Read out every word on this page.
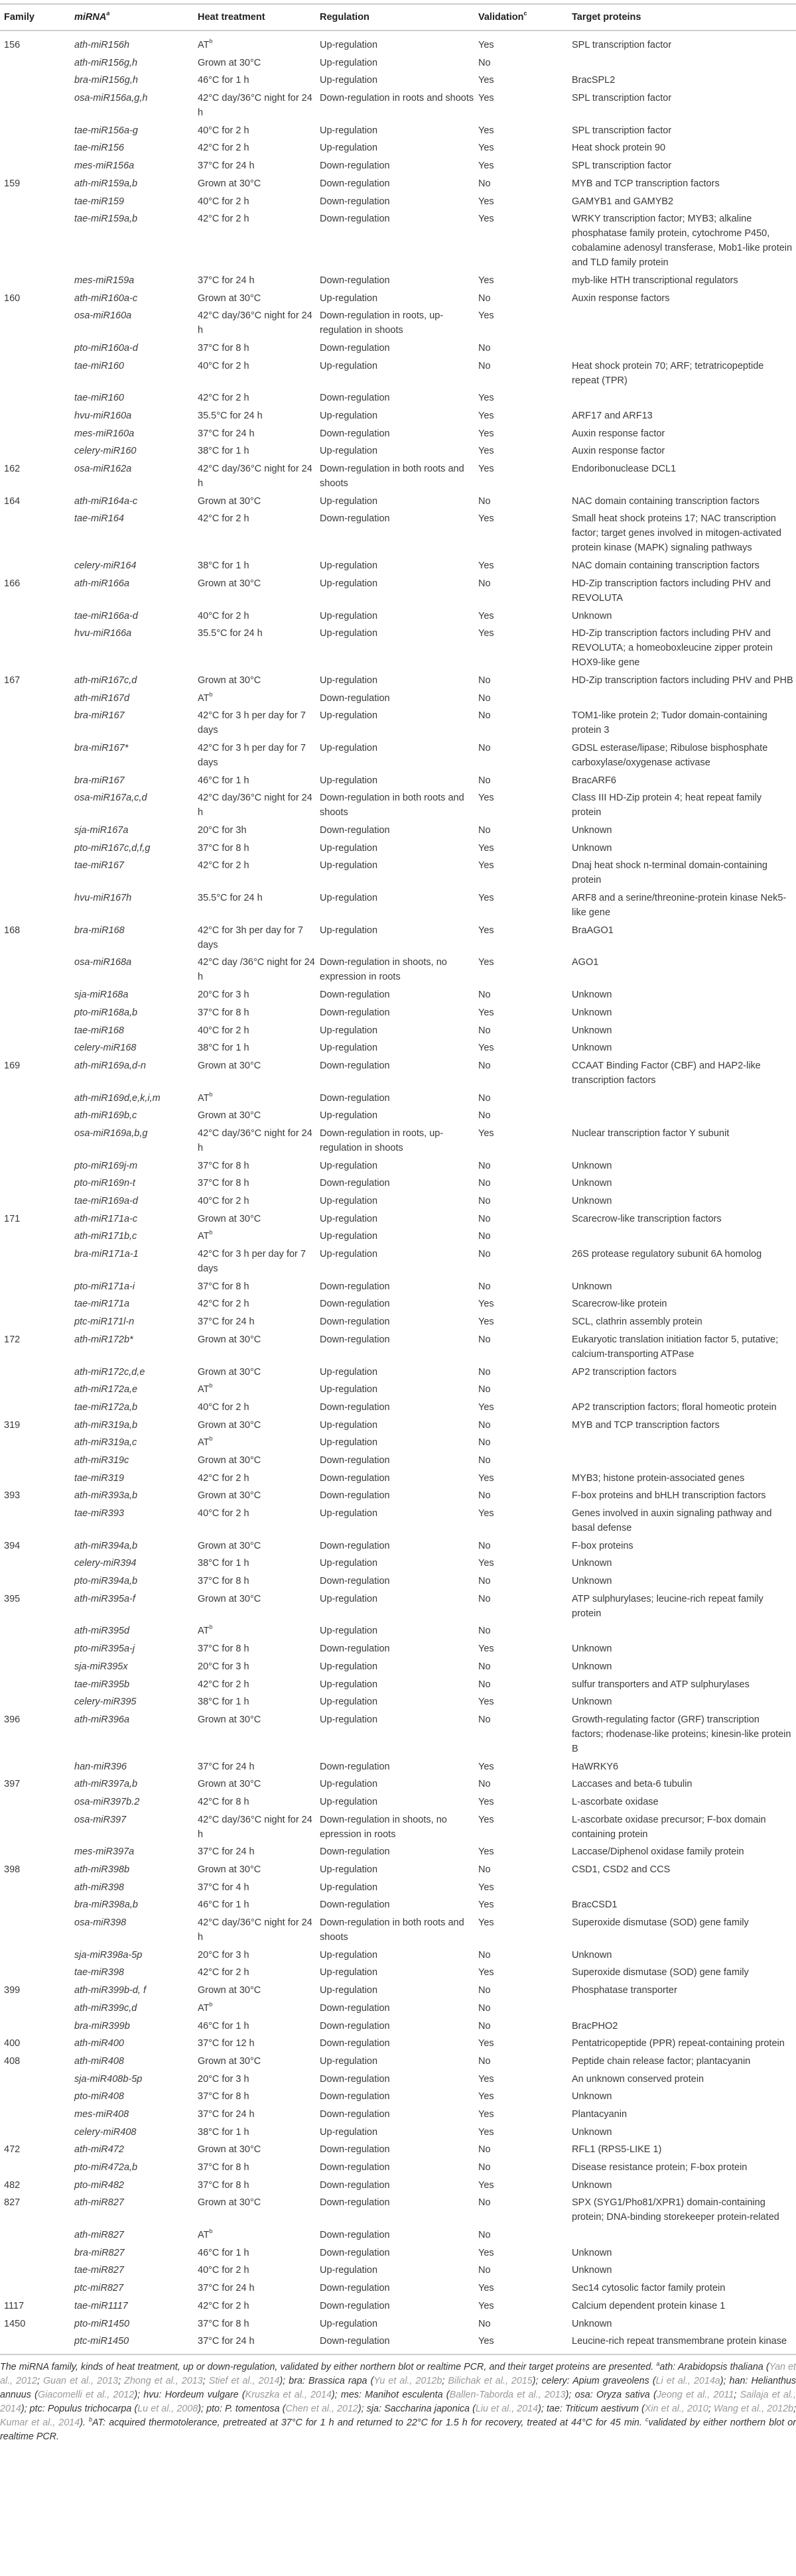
Family	miRNA$^a$	Heat treatment	Regulation	Validation$^c$	Target proteins
156	ath-miR156h	$AT^b$	Up-regulation	Yes	SPL transcription factor
	ath-miR156g,h	Grown at 30°C	Up-regulation	No	
	bra-miR156g,h	46°C for 1 h	Up-regulation	Yes	BracSPL2
	osa-miR156a,g,h	42°C day/36°C night for 24 h	Down-regulation in roots and shoots	Yes	SPL transcription factor
	tae-miR156a-g	40°C for 2 h	Up-regulation	Yes	SPL transcription factor
	tae-miR156	42°C for 2 h	Up-regulation	Yes	Heat shock protein 90
	mes-miR156a	37°C for 24 h	Down-regulation	Yes	SPL transcription factor
159	ath-miR159a,b	Grown at 30°C	Down-regulation	No	MYB and TCP transcription factors
	tae-miR159	40°C for 2 h	Down-regulation	Yes	GAMYB1 and GAMYB2
	tae-miR159a,b	42°C for 2 h	Down-regulation	Yes	WRKY transcription factor; MYB3; alkaline phosphatase family protein, cytochrome P450, cobalamine adenosyl transferase, Mob1-like protein and TLD family protein
	mes-miR159a	37°C for 24 h	Down-regulation	Yes	myb-like HTH transcriptional regulators
160	ath-miR160a-c	Grown at 30°C	Up-regulation	No	Auxin response factors
	osa-miR160a	42°C day/36°C night for 24 h	Down-regulation in roots, up-regulation in shoots	Yes	
	pto-miR160a-d	37°C for 8 h	Down-regulation	No	
	tae-miR160	40°C for 2 h	Up-regulation	No	Heat shock protein 70; ARF; tetratricopeptide repeat (TPR)
	tae-miR160	42°C for 2 h	Down-regulation	Yes	
	hvu-miR160a	35.5°C for 24 h	Up-regulation	Yes	ARF17 and ARF13
	mes-miR160a	37°C for 24 h	Down-regulation	Yes	Auxin response factor
	celery-miR160	38°C for 1 h	Up-regulation	Yes	Auxin response factor
162	osa-miR162a	42°C day/36°C night for 24 h	Down-regulation in both roots and shoots	Yes	Endoribonuclease DCL1
164	ath-miR164a-c	Grown at 30°C	Up-regulation	No	NAC domain containing transcription factors
	tae-miR164	42°C for 2 h	Down-regulation	Yes	Small heat shock proteins 17; NAC transcription factor; target genes involved in mitogen-activated protein kinase (MAPK) signaling pathways
	celery-miR164	38°C for 1 h	Up-regulation	Yes	NAC domain containing transcription factors
166	ath-miR166a	Grown at 30°C	Up-regulation	No	HD-Zip transcription factors including PHV and REVOLUTA
	tae-miR166a-d	40°C for 2 h	Up-regulation	Yes	Unknown
	hvu-miR166a	35.5°C for 24 h	Up-regulation	Yes	HD-Zip transcription factors including PHV and REVOLUTA; a homeoboxleucine zipper protein HOX9-like gene
167	ath-miR167c,d	Grown at 30°C	Up-regulation	No	HD-Zip transcription factors including PHV and PHB
	ath-miR167d	$AT^b$	Down-regulation	No	
	bra-miR167	42°C for 3 h per day for 7 days	Up-regulation	No	TOM1-like protein 2; Tudor domain-containing protein 3
	bra-miR167*	42°C for 3 h per day for 7 days	Up-regulation	No	GDSL esterase/lipase; Ribulose bisphosphate carboxylase/oxygenase activase
	bra-miR167	46°C for 1 h	Up-regulation	No	BracARF6
	osa-miR167a,c,d	42°C day/36°C night for 24 h	Down-regulation in both roots and shoots	Yes	Class III HD-Zip protein 4; heat repeat family protein
	sja-miR167a	20°C for 3h	Down-regulation	No	Unknown
	pto-miR167c,d,f,g	37°C for 8 h	Up-regulation	Yes	Unknown
	tae-miR167	42°C for 2 h	Up-regulation	Yes	Dnaj heat shock n-terminal domain-containing protein
	hvu-miR167h	35.5°C for 24 h	Up-regulation	Yes	ARF8 and a serine/threonine-protein kinase Nek5-like gene
168	bra-miR168	42°C for 3h per day for 7 days	Up-regulation	Yes	BraAGO1
	osa-miR168a	42°C day /36°C night for 24 h	Down-regulation in shoots, no expression in roots	Yes	AGO1
	sja-miR168a	20°C for 3 h	Down-regulation	No	Unknown
	pto-miR168a,b	37°C for 8 h	Down-regulation	Yes	Unknown
	tae-miR168	40°C for 2 h	Up-regulation	No	Unknown
	celery-miR168	38°C for 1 h	Up-regulation	Yes	Unknown
169	ath-miR169a,d-n	Grown at 30°C	Down-regulation	No	CCAAT Binding Factor (CBF) and HAP2-like transcription factors
	ath-miR169d,e,k,i,m	$AT^b$	Down-regulation	No	
	ath-miR169b,c	Grown at 30°C	Up-regulation	No	
	osa-miR169a,b,g	42°C day/36°C night for 24 h	Down-regulation in roots, up-regulation in shoots	Yes	Nuclear transcription factor Y subunit
	pto-miR169j-m	37°C for 8 h	Up-regulation	No	Unknown
	pto-miR169n-t	37°C for 8 h	Down-regulation	No	Unknown
	tae-miR169a-d	40°C for 2 h	Up-regulation	No	Unknown
171	ath-miR171a-c	Grown at 30°C	Up-regulation	No	Scarecrow-like transcription factors
	ath-miR171b,c	$AT^b$	Up-regulation	No	
	bra-miR171a-1	42°C for 3 h per day for 7 days	Up-regulation	No	26S protease regulatory subunit 6A homolog
	pto-miR171a-i	37°C for 8 h	Down-regulation	No	Unknown
	tae-miR171a	42°C for 2 h	Down-regulation	Yes	Scarecrow-like protein
	ptc-miR171l-n	37°C for 24 h	Down-regulation	Yes	SCL, clathrin assembly protein
172	ath-miR172b*	Grown at 30°C	Down-regulation	No	Eukaryotic translation initiation factor 5, putative; calcium-transporting ATPase
	ath-miR172c,d,e	Grown at 30°C	Up-regulation	No	AP2 transcription factors
	ath-miR172a,e	$AT^b$	Up-regulation	No	
	tae-miR172a,b	40°C for 2 h	Down-regulation	Yes	AP2 transcription factors; floral homeotic protein
319	ath-miR319a,b	Grown at 30°C	Up-regulation	No	MYB and TCP transcription factors
	ath-miR319a,c	$AT^b$	Up-regulation	No	
	ath-miR319c	Grown at 30°C	Down-regulation	No	
	tae-miR319	42°C for 2 h	Down-regulation	Yes	MYB3; histone protein-associated genes
393	ath-miR393a,b	Grown at 30°C	Down-regulation	No	F-box proteins and bHLH transcription factors
	tae-miR393	40°C for 2 h	Up-regulation	Yes	Genes involved in auxin signaling pathway and basal defense
394	ath-miR394a,b	Grown at 30°C	Down-regulation	No	F-box proteins
	celery-miR394	38°C for 1 h	Up-regulation	Yes	Unknown
	pto-miR394a,b	37°C for 8 h	Down-regulation	No	Unknown
395	ath-miR395a-f	Grown at 30°C	Up-regulation	No	ATP sulphurylases; leucine-rich repeat family protein
	ath-miR395d	$AT^b$	Up-regulation	No	
	pto-miR395a-j	37°C for 8 h	Down-regulation	Yes	Unknown
	sja-miR395x	20°C for 3 h	Up-regulation	No	Unknown
	tae-miR395b	42°C for 2 h	Up-regulation	No	sulfur transporters and ATP sulphurylases
	celery-miR395	38°C for 1 h	Up-regulation	Yes	Unknown
396	ath-miR396a	Grown at 30°C	Up-regulation	No	Growth-regulating factor (GRF) transcription factors; rhodenase-like proteins; kinesin-like protein B
	han-miR396	37°C for 24 h	Down-regulation	Yes	HaWRKY6
397	ath-miR397a,b	Grown at 30°C	Up-regulation	No	Laccases and beta-6 tubulin
	osa-miR397b.2	42°C for 8 h	Up-regulation	Yes	L-ascorbate oxidase
	osa-miR397	42°C day/36°C night for 24 h	Down-regulation in shoots, no epression in roots	Yes	L-ascorbate oxidase precursor; F-box domain containing protein
	mes-miR397a	37°C for 24 h	Down-regulation	Yes	Laccase/Diphenol oxidase family protein
398	ath-miR398b	Grown at 30°C	Up-regulation	No	CSD1, CSD2 and CCS
	ath-miR398	37°C for 4 h	Up-regulation	Yes	
	bra-miR398a,b	46°C for 1 h	Down-regulation	Yes	BracCSD1
	osa-miR398	42°C day/36°C night for 24 h	Down-regulation in both roots and shoots	Yes	Superoxide dismutase (SOD) gene family
	sja-miR398a-5p	20°C for 3 h	Up-regulation	No	Unknown
	tae-miR398	42°C for 2 h	Up-regulation	Yes	Superoxide dismutase (SOD) gene family
399	ath-miR399b-d, f	Grown at 30°C	Up-regulation	No	Phosphatase transporter
	ath-miR399c,d	$AT^b$	Down-regulation	No	
	bra-miR399b	46°C for 1 h	Down-regulation	No	BracPHO2
400	ath-miR400	37°C for 12 h	Down-regulation	Yes	Pentatricopeptide (PPR) repeat-containing protein
408	ath-miR408	Grown at 30°C	Up-regulation	No	Peptide chain release factor; plantacyanin
	sja-miR408b-5p	20°C for 3 h	Down-regulation	Yes	An unknown conserved protein
	pto-miR408	37°C for 8 h	Down-regulation	Yes	Unknown
	mes-miR408	37°C for 24 h	Down-regulation	Yes	Plantacyanin
	celery-miR408	38°C for 1 h	Up-regulation	Yes	Unknown
472	ath-miR472	Grown at 30°C	Down-regulation	No	RFL1 (RPS5-LIKE 1)
	pto-miR472a,b	37°C for 8 h	Down-regulation	No	Disease resistance protein; F-box protein
482	pto-miR482	37°C for 8 h	Down-regulation	Yes	Unknown
827	ath-miR827	Grown at 30°C	Down-regulation	No	SPX (SYG1/Pho81/XPR1) domain-containing protein; DNA-binding storekeeper protein-related
	ath-miR827	$AT^b$	Down-regulation	No	
	bra-miR827	46°C for 1 h	Down-regulation	Yes	Unknown
	tae-miR827	40°C for 2 h	Up-regulation	No	Unknown
	ptc-miR827	37°C for 24 h	Down-regulation	Yes	Sec14 cytosolic factor family protein
1117	tae-miR1117	42°C for 2 h	Down-regulation	Yes	Calcium dependent protein kinase 1
1450	pto-miR1450	37°C for 8 h	Up-regulation	No	Unknown
	ptc-miR1450	37°C for 24 h	Down-regulation	Yes	Leucine-rich repeat transmembrane protein kinase
The miRNA family, kinds of heat treatment, up or down-regulation, validated by either northern blot or realtime PCR, and their target proteins are presented. $^a$ath: Arabidopsis thaliana (Yan et al., 2012; Guan et al., 2013; Zhong et al., 2013; Stief et al., 2014); bra: Brassica rapa (Yu et al., 2012b; Bilichak et al., 2015); celery: Apium graveolens (Li et al., 2014a); han: Helianthus annuus (Giacomelli et al., 2012); hvu: Hordeum vulgare (Kruszka et al., 2014); mes: Manihot esculenta (Ballen-Taborda et al., 2013); osa: Oryza sativa (Jeong et al., 2011; Sailaja et al., 2014); ptc: Populus trichocarpa (Lu et al., 2008); pto: P. tomentosa (Chen et al., 2012); sja: Saccharina japonica (Liu et al., 2014); tae: Triticum aestivum (Xin et al., 2010; Wang et al., 2012b; Kumar et al., 2014). $^b$AT: acquired thermotolerance, pretreated at 37°C for 1 h and returned to 22°C for 1.5 h for recovery, treated at 44°C for 45 min. $^c$validated by either northern blot or realtime PCR.
